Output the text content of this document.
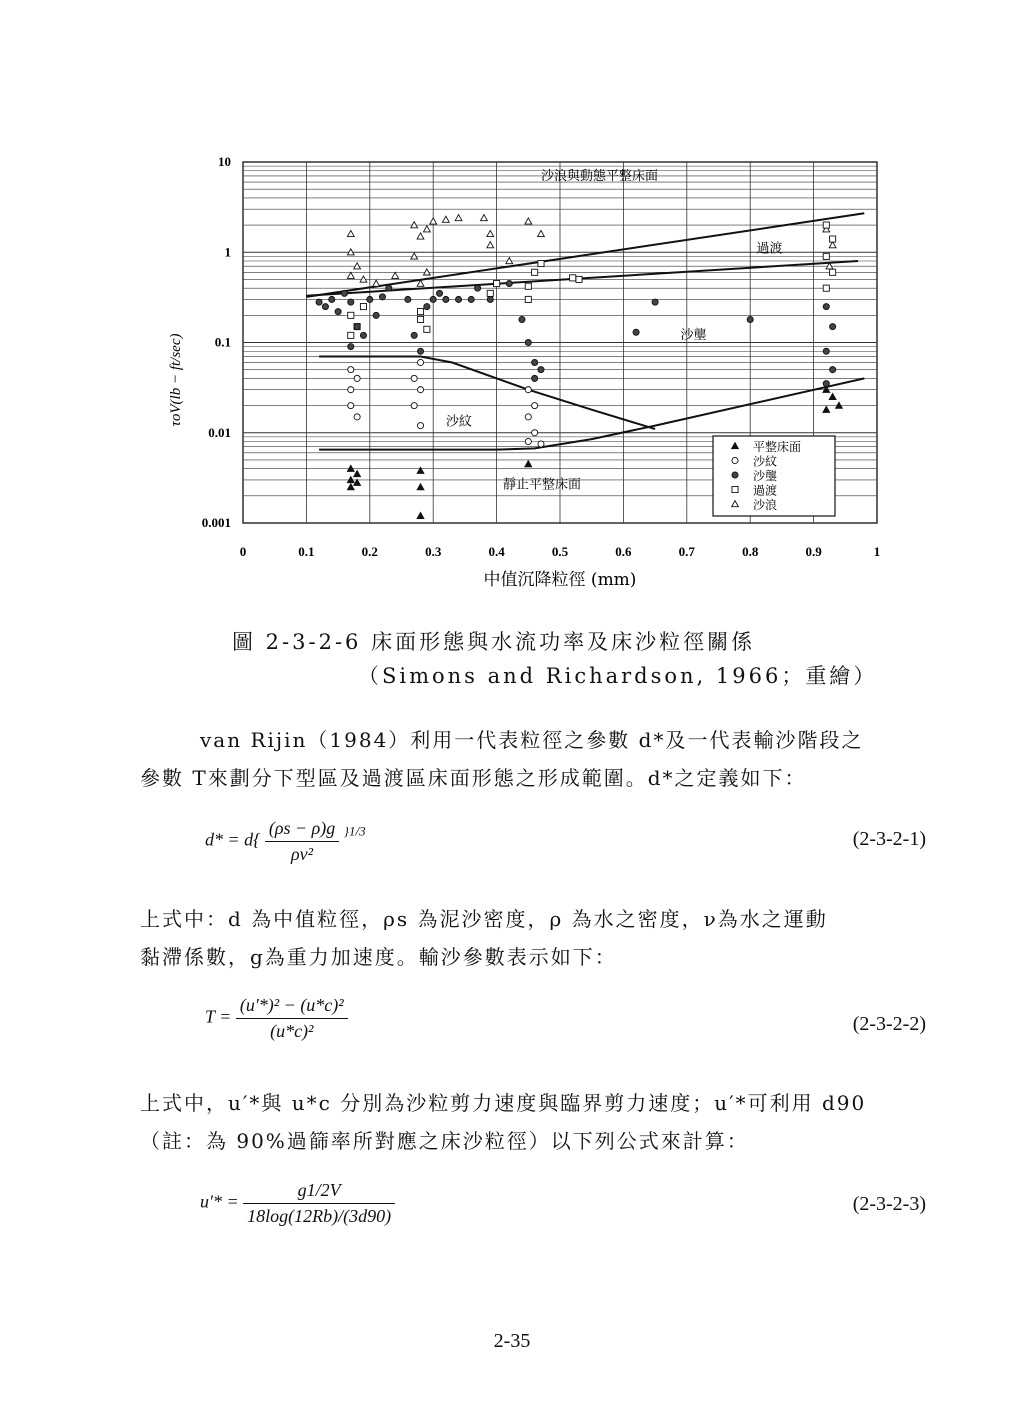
0	0.1	0.2	0.3	0.4	0.5	0.6	0.7	0.8	0.9	1
10
1
0.1
0.01
0.001
沙浪與動態平整床面
過渡
沙壟
沙紋
靜止平整床面
平整床面
沙紋
沙壟
過渡
沙浪
τoV(lb − ft/sec)
中值沉降粒徑 (mm)
圖 2-3-2-6 床面形態與水流功率及床沙粒徑關係
（Simons and Richardson, 1966；重繪）
van Rijin（1984）利用一代表粒徑之參數 d*及一代表輸沙階段之
參數 T來劃分下型區及過渡區床面形態之形成範圍。d*之定義如下：
$d* = d\{ \frac{(\rho s - \rho)g}{\text{ρv²}} ^{\}1/3}$	(2-3-2-1)
上式中：d 為中值粒徑，ρs 為泥沙密度，ρ 為水之密度，ν為水之運動
黏滯係數，g為重力加速度。輸沙參數表示如下：
$T = \frac{\text{(u′*)² − (u*c)²}}{\text{(u*c)²}}$	(2-3-2-2)
上式中，u′*與 u*c 分別為沙粒剪力速度與臨界剪力速度；u′*可利用 d90
（註：為 90%過篩率所對應之床沙粒徑）以下列公式來計算：
$u'* = \frac{g1/2V}{18\log(12Rb)/(3d90)}$	(2-3-2-3)
2-35
